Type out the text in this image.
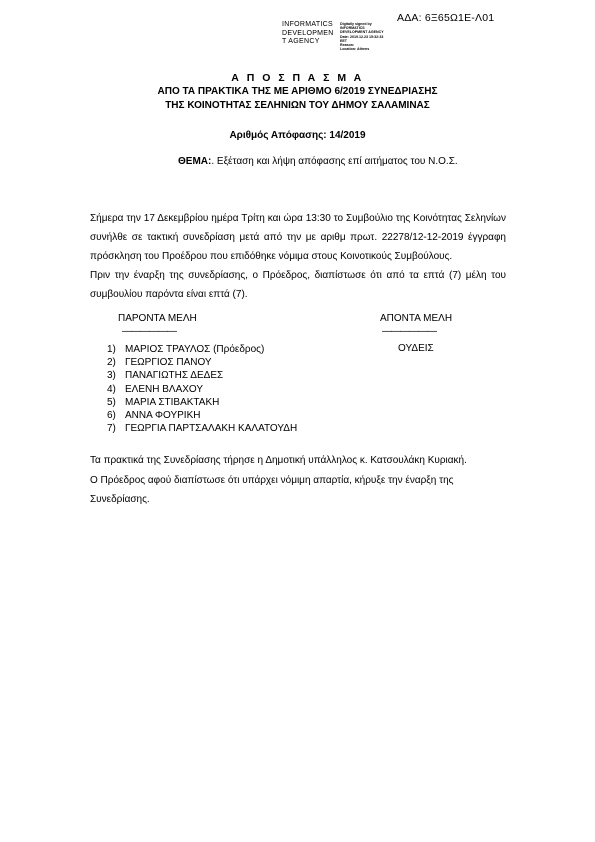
ΑΔΑ: 6Ξ65Ω1Ε-Λ01
INFORMATICS
DEVELOPMEN
T AGENCY
Digitally signed by
INFORMATICS
DEVELOPMENT AGENCY
Date: 2019.12.23 15:32:33
EET
Reason:
Location: Athens
Α Π Ο Σ Π Α Σ Μ Α
ΑΠΟ ΤΑ ΠΡΑΚΤΙΚΑ ΤΗΣ ΜΕ ΑΡΙΘΜΟ 6/2019 ΣΥΝΕΔΡΙΑΣΗΣ
ΤΗΣ ΚΟΙΝΟΤΗΤΑΣ ΣΕΛΗΝΙΩΝ ΤΟΥ ΔΗΜΟΥ ΣΑΛΑΜΙΝΑΣ
Αριθμός Απόφασης: 14/2019
ΘΕΜΑ:. Εξέταση και λήψη απόφασης επί αιτήματος του Ν.Ο.Σ.
Σήμερα την 17 Δεκεμβρίου ημέρα Τρίτη και ώρα 13:30 το Συμβούλιο της Κοινότητας Σεληνίων συνήλθε σε τακτική συνεδρίαση μετά από την με αριθμ πρωτ. 22278/12-12-2019 έγγραφη πρόσκληση του Προέδρου που επιδόθηκε νόμιμα στους Κοινοτικούς Συμβούλους.
Πριν την έναρξη της συνεδρίασης, ο Πρόεδρος, διαπίστωσε ότι από τα επτά (7) μέλη του συμβουλίου παρόντα είναι επτά (7).
ΠΑΡΟΝΤΑ ΜΕΛΗ
——————
ΑΠΟΝΤΑ ΜΕΛΗ
——————
1) ΜΑΡΙΟΣ ΤΡΑΥΛΟΣ (Πρόεδρος)
2) ΓΕΩΡΓΙΟΣ ΠΑΝΟΥ
3) ΠΑΝΑΓΙΩΤΗΣ ΔΕΔΕΣ
4) ΕΛΕΝΗ ΒΛΑΧΟΥ
5) ΜΑΡΙΑ ΣΤΙΒΑΚΤΑΚΗ
6) ΑΝΝΑ ΦΟΥΡΙΚΗ
7) ΓΕΩΡΓΙΑ ΠΑΡΤΣΑΛΑΚΗ ΚΑΛΑΤΟΥΔΗ
ΟΥΔΕΙΣ
Τα πρακτικά της Συνεδρίασης τήρησε η Δημοτική υπάλληλος κ. Κατσουλάκη Κυριακή.
Ο Πρόεδρος αφού διαπίστωσε ότι υπάρχει νόμιμη απαρτία, κήρυξε την έναρξη της Συνεδρίασης.
